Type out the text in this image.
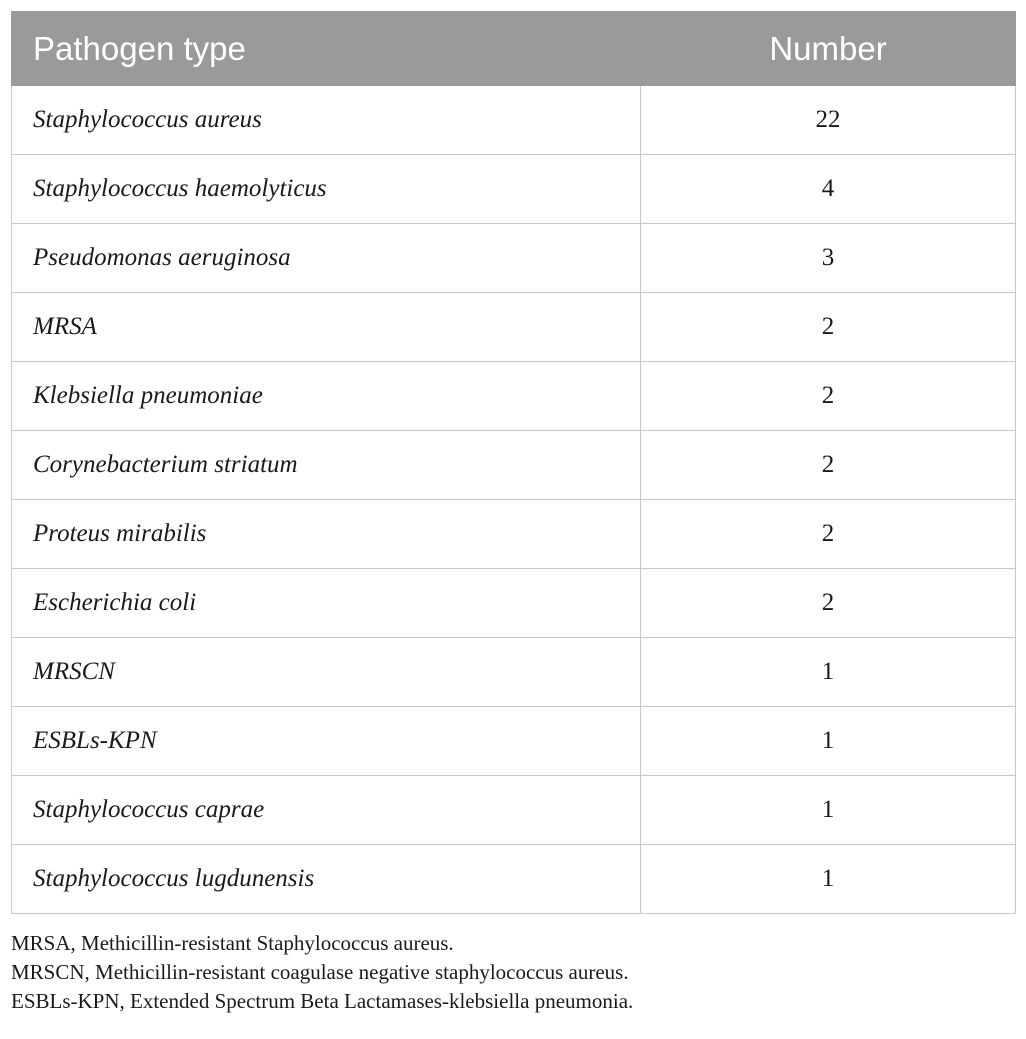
Pathogen type	Number
Staphylococcus aureus	22
Staphylococcus haemolyticus	4
Pseudomonas aeruginosa	3
MRSA	2
Klebsiella pneumoniae	2
Corynebacterium striatum	2
Proteus mirabilis	2
Escherichia coli	2
MRSCN	1
ESBLs-KPN	1
Staphylococcus caprae	1
Staphylococcus lugdunensis	1

MRSA, Methicillin-resistant Staphylococcus aureus.

MRSCN, Methicillin-resistant coagulase negative staphylococcus aureus.

ESBLs-KPN, Extended Spectrum Beta Lactamases-klebsiella pneumonia.
